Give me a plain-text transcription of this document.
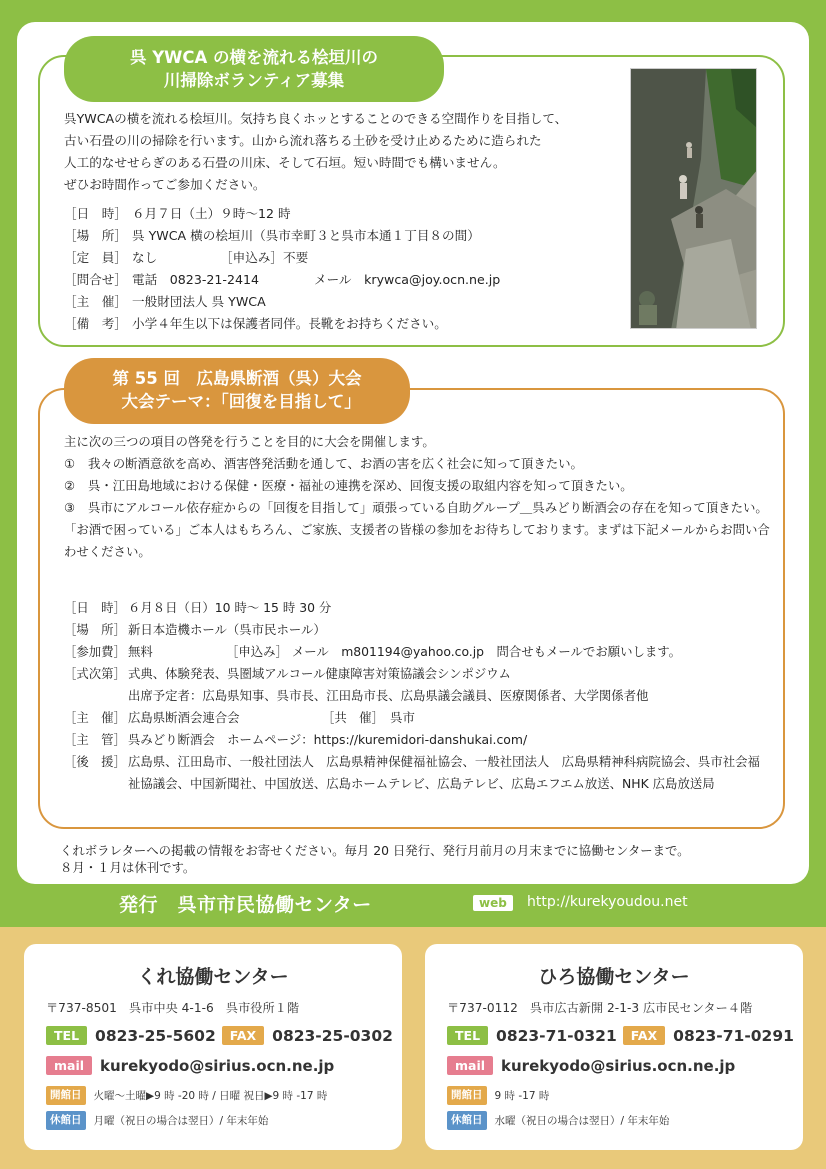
呉 YWCA の横を流れる桧垣川の
川掃除ボランティア募集
呉YWCAの横を流れる桧垣川。気持ち良くホッとすることのできる空間作りを目指して、
古い石畳の川の掃除を行います。山から流れ落ちる土砂を受け止めるために造られた
人工的なせせらぎのある石畳の川床、そして石垣。短い時間でも構いません。
ぜひお時間作ってご参加ください。
［日　時］ ６月７日（土）９時〜12 時
［場　所］ 呉 YWCA 横の桧垣川（呉市幸町３と呉市本通１丁目８の間）
［定　員］ なし	［申込み］不要
［問合せ］ 電話　0823-21-2414	メール　krywca@joy.ocn.ne.jp
［主　催］ 一般財団法人 呉 YWCA
［備　考］ 小学４年生以下は保護者同伴。長靴をお持ちください。
第 55 回　広島県断酒（呉）大会
大会テーマ：｢回復を目指して｣
主に次の三つの項目の啓発を行うことを目的に大会を開催します。
①	我々の断酒意欲を高め、酒害啓発活動を通して、お酒の害を広く社会に知って頂きたい。
②	呉・江田島地域における保健・医療・福祉の連携を深め、回復支援の取組内容を知って頂きたい。
③	呉市にアルコール依存症からの「回復を目指して」頑張っている自助グループ＿呉みどり断酒会の存在を知って頂きたい。
「お酒で困っている」ご本人はもちろん、ご家族、支援者の皆様の参加をお待ちしております。まずは下記メールからお問い合わせください。
［日　時］ ６月８日（日）10 時〜 15 時 30 分
［場　所］ 新日本造機ホール（呉市民ホール）
［参加費］ 無料	［申込み］ メール　m801194@yahoo.co.jp　問合せもメールでお願いします。
［式次第］ 式典、体験発表、呉圏域アルコール健康障害対策協議会シンポジウム
出席予定者：広島県知事、呉市長、江田島市長、広島県議会議員、医療関係者、大学関係者他
［主　催］ 広島県断酒会連合会	［共　催］　呉市
［主　管］ 呉みどり断酒会　ホームページ：https://kuremidori-danshukai.com/
［後　援］ 広島県、江田島市、一般社団法人　広島県精神保健福祉協会、一般社団法人　広島県精神科病院協会、呉市社会福祉協議会、中国新聞社、中国放送、広島ホームテレビ、広島テレビ、広島エフエム放送、NHK 広島放送局
くれボラレターへの掲載の情報をお寄せください。毎月 20 日発行、発行月前月の月末までに協働センターまで。
８月・１月は休刊です。
発行　呉市市民協働センター	web	http://kurekyoudou.net
くれ協働センター
〒737-8501　呉市中央 4-1-6　呉市役所１階
TEL	0823-25-5602	FAX	0823-25-0302
mail	kurekyodo@sirius.ocn.ne.jp
開館日	火曜〜土曜▶9 時 -20 時 / 日曜 祝日▶9 時 -17 時
休館日	月曜（祝日の場合は翌日）/ 年末年始
ひろ協働センター
〒737-0112　呉市広古新開 2-1-3 広市民センター４階
TEL	0823-71-0321	FAX	0823-71-0291
mail	kurekyodo@sirius.ocn.ne.jp
開館日	9 時 -17 時
休館日	水曜（祝日の場合は翌日）/ 年末年始
